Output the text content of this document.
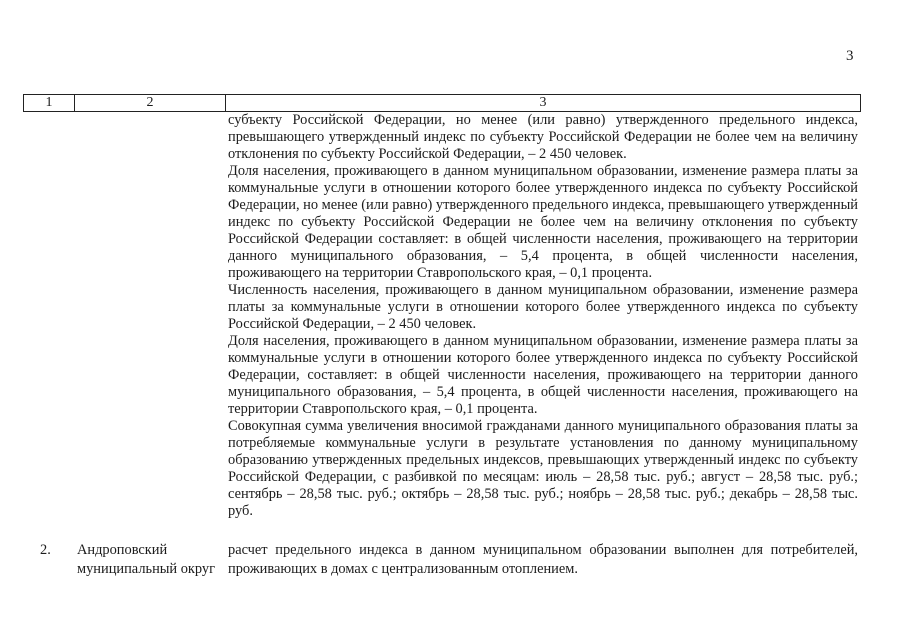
3
1	2	3

субъекту Российской Федерации, но менее (или равно) утвержденного предельного индекса, превышающего утвержденный индекс по субъекту Российской Федерации не более чем на величину отклонения по субъекту Российской Федерации, – 2 450 человек.

Доля населения, проживающего в данном муниципальном образовании, изменение размера платы за коммунальные услуги в отношении которого более утвержденного индекса по субъекту Российской Федерации, но менее (или равно) утвержденного предельного индекса, превышающего утвержденный индекс по субъекту Российской Федерации не более чем на величину отклонения по субъекту Российской Федерации составляет: в общей численности населения, проживающего на территории данного муниципального образования, – 5,4 процента, в общей численности населения, проживающего на территории Ставропольского края, – 0,1 процента.

Численность населения, проживающего в данном муниципальном образовании, изменение размера платы за коммунальные услуги в отношении которого более утвержденного индекса по субъекту Российской Федерации, – 2 450 человек.

Доля населения, проживающего в данном муниципальном образовании, изменение размера платы за коммунальные услуги в отношении которого более утвержденного индекса по субъекту Российской Федерации, составляет: в общей численности населения, проживающего на территории данного муниципального образования, – 5,4 процента, в общей численности населения, проживающего на территории Ставропольского края, – 0,1 процента.

Совокупная сумма увеличения вносимой гражданами данного муниципального образования платы за потребляемые коммунальные услуги в результате установления по данному муниципальному образованию утвержденных предельных индексов, превышающих утвержденный индекс по субъекту Российской Федерации, с разбивкой по месяцам: июль – 28,58 тыс. руб.; август – 28,58 тыс. руб.; сентябрь – 28,58 тыс. руб.; октябрь – 28,58 тыс. руб.; ноябрь – 28,58 тыс. руб.; декабрь – 28,58 тыс. руб.

2. Андроповский муниципальный округ
расчет предельного индекса в данном муниципальном образовании выполнен для потребителей, проживающих в домах с централизованным отоплением.
